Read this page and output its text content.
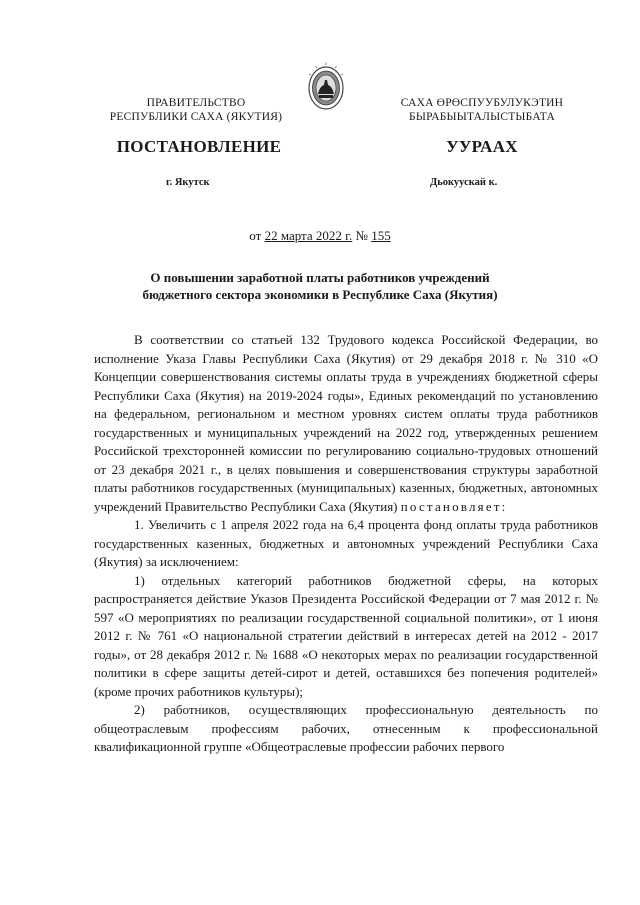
ПРАВИТЕЛЬСТВО
РЕСПУБЛИКИ САХА (ЯКУТИЯ)
САХА ӨРӨСПУУБУЛУКЭТИН
БЫРАБЫЫТАЛЫСТЫБАТА
ПОСТАНОВЛЕНИЕ	УУРААХ
г. Якутск	Дьокуускай к.
от 22 марта 2022 г. № 155
О повышении заработной платы работников учреждений
бюджетного сектора экономики в Республике Саха (Якутия)

В соответствии со статьей 132 Трудового кодекса Российской Федерации, во исполнение Указа Главы Республики Саха (Якутия) от 29 декабря 2018 г. № 310 «О Концепции совершенствования системы оплаты труда в учреждениях бюджетной сферы Республики Саха (Якутия) на 2019-2024 годы», Единых рекомендаций по установлению на федеральном, региональном и местном уровнях систем оплаты труда работников государственных и муниципальных учреждений на 2022 год, утвержденных решением Российской трехсторонней комиссии по регулированию социально-трудовых отношений от 23 декабря 2021 г., в целях повышения и совершенствования структуры заработной платы работников государственных (муниципальных) казенных, бюджетных, автономных учреждений Правительство Республики Саха (Якутия) постановляет:

1. Увеличить с 1 апреля 2022 года на 6,4 процента фонд оплаты труда работников государственных казенных, бюджетных и автономных учреждений Республики Саха (Якутия) за исключением:

1) отдельных категорий работников бюджетной сферы, на которых распространяется действие Указов Президента Российской Федерации от 7 мая 2012 г. № 597 «О мероприятиях по реализации государственной социальной политики», от 1 июня 2012 г. № 761 «О национальной стратегии действий в интересах детей на 2012 - 2017 годы», от 28 декабря 2012 г. № 1688 «О некоторых мерах по реализации государственной политики в сфере защиты детей-сирот и детей, оставшихся без попечения родителей» (кроме прочих работников культуры);

2) работников, осуществляющих профессиональную деятельность по общеотраслевым профессиям рабочих, отнесенным к профессиональной квалификационной группе «Общеотраслевые профессии рабочих первого
